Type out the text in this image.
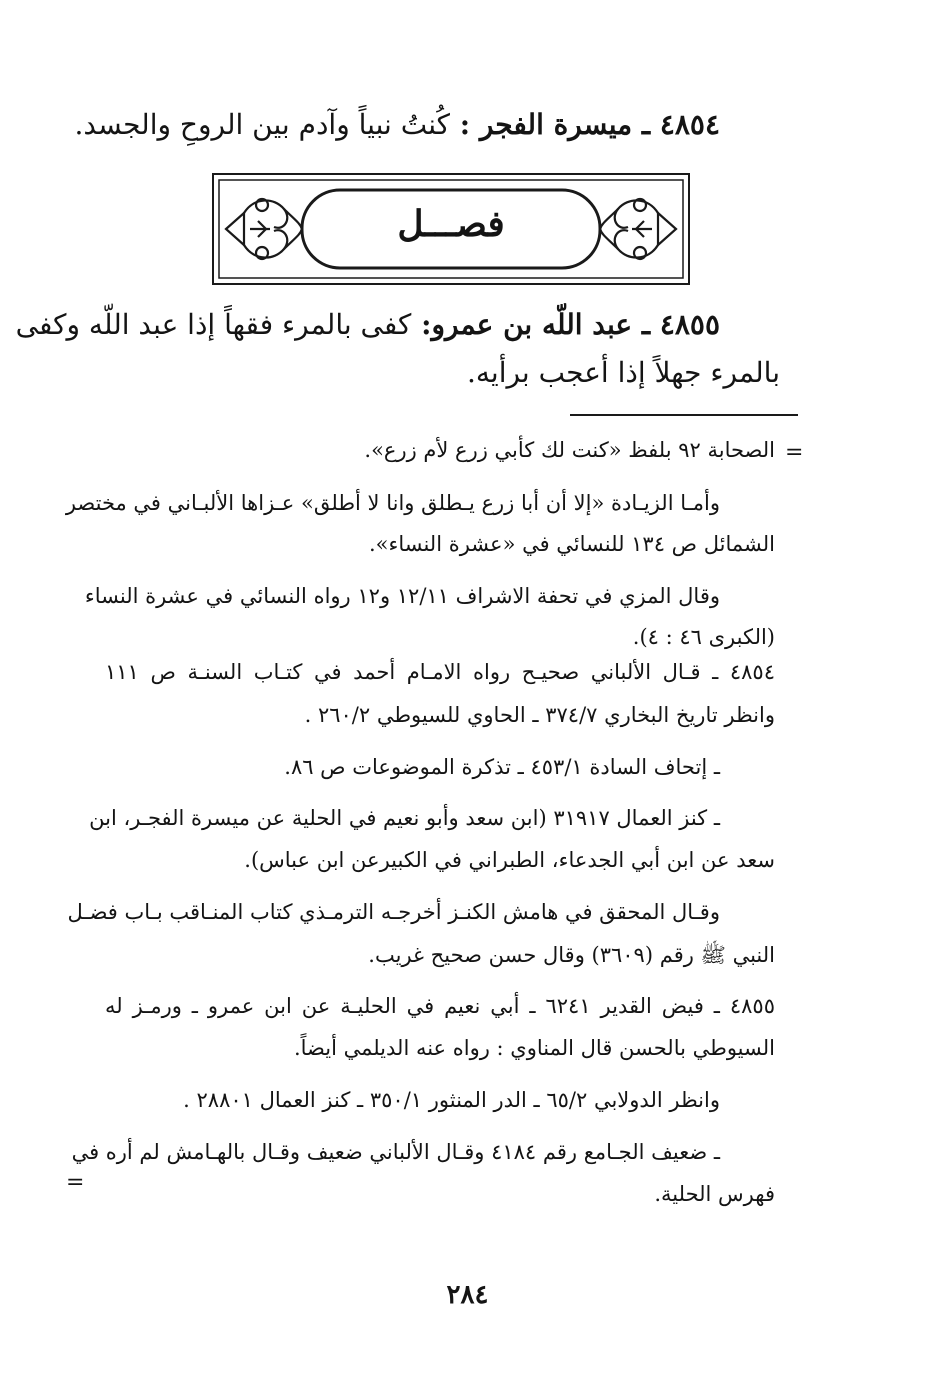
٤٨٥٤ ـ ميسرة الفجر : كُنتُ نبياً وآدم بين الروحِ والجسد.
فصـــل
٤٨٥٥ ـ عبد اللّه بن عمرو: كفى بالمرء فقهاً إذا عبد اللّه وكفى
بالمرء جهلاً إذا أعجب برأيه.
=
=
الصحابة ٩٢ بلفظ «كنت لك كأبي زرع لأم زرع».
وأمـا الزيـادة «إلا أن أبا زرع يـطلق وانا لا أطلق» عـزاها الألبـاني في مختصر
الشمائل ص ١٣٤ للنسائي في «عشرة النساء».
وقال المزي في تحفة الاشراف ١٢/١١ و١٢ رواه النسائي في عشرة النساء
(الكبرى ٤٦ : ٤).
٤٨٥٤ ـ قـال الألباني صحيـح رواه الامـام أحمد في كتـاب السنـة ص ١١١
وانظر تاريخ البخاري ٣٧٤/٧ ـ الحاوي للسيوطي ٢٦٠/٢ .
ـ إتحاف السادة ٤٥٣/١ ـ تذكرة الموضوعات ص ٨٦.
ـ كنز العمال ٣١٩١٧ (ابن سعد وأبو نعيم في الحلية عن ميسرة الفجـر، ابن
سعد عن ابن أبي الجدعاء، الطبراني في الكبيرعن ابن عباس).
وقـال المحقق في هامش الكنـز أخرجـه الترمـذي كتاب المنـاقب بـاب فضـل
النبي ﷺ رقم (٣٦٠٩) وقال حسن صحيح غريب.
٤٨٥٥ ـ فيض القدير ٦٢٤١ ـ أبي نعيم في الحليـة عن ابن عمرو ـ ورمـز له
السيوطي بالحسن قال المناوي : رواه عنه الديلمي أيضاً.
وانظر الدولابي ٦٥/٢ ـ الدر المنثور ٣٥٠/١ ـ كنز العمال ٢٨٨٠١ .
ـ ضعيف الجـامع رقم ٤١٨٤ وقـال الألباني ضعيف وقـال بالهـامش لم أره في
فهرس الحلية.
٢٨٤
